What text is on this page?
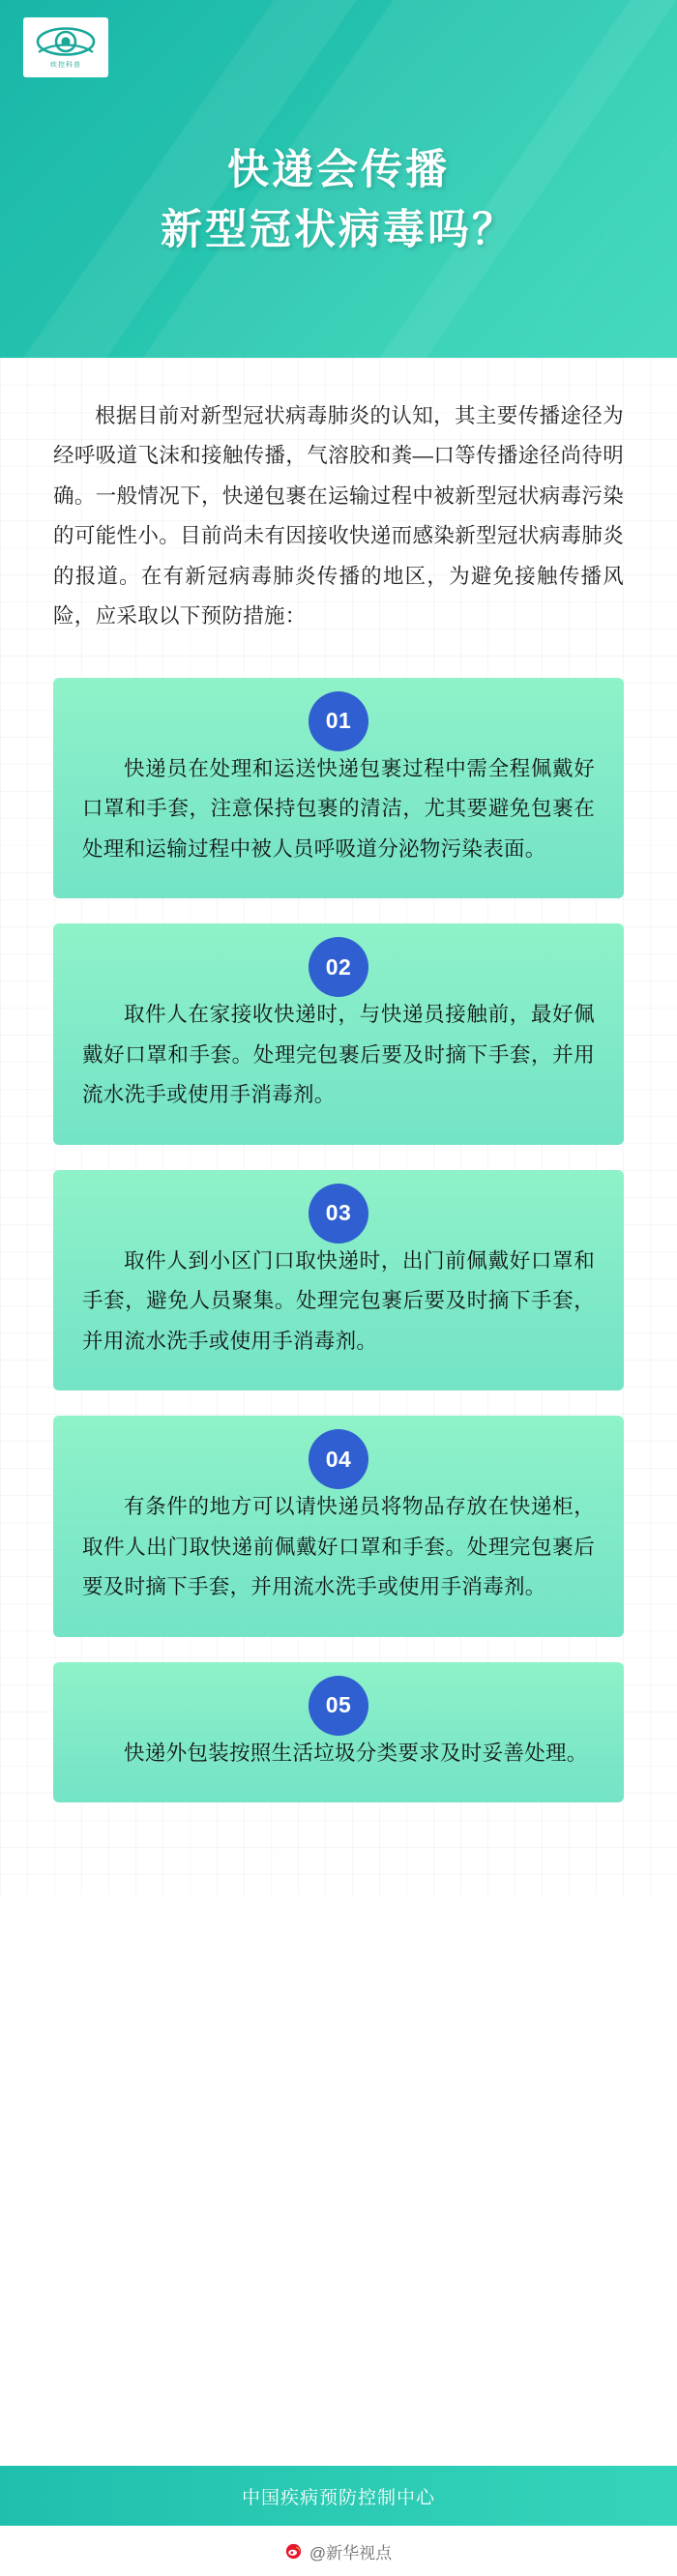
疾控科普
快递会传播
新型冠状病毒吗？

根据目前对新型冠状病毒肺炎的认知，其主要传播途径为经呼吸道飞沫和接触传播，气溶胶和粪—口等传播途径尚待明确。一般情况下，快递包裹在运输过程中被新型冠状病毒污染的可能性小。目前尚未有因接收快递而感染新型冠状病毒肺炎的报道。在有新冠病毒肺炎传播的地区，为避免接触传播风险，应采取以下预防措施：

01

快递员在处理和运送快递包裹过程中需全程佩戴好口罩和手套，注意保持包裹的清洁，尤其要避免包裹在处理和运输过程中被人员呼吸道分泌物污染表面。

02

取件人在家接收快递时，与快递员接触前，最好佩戴好口罩和手套。处理完包裹后要及时摘下手套，并用流水洗手或使用手消毒剂。

03

取件人到小区门口取快递时，出门前佩戴好口罩和手套，避免人员聚集。处理完包裹后要及时摘下手套，并用流水洗手或使用手消毒剂。

04

有条件的地方可以请快递员将物品存放在快递柜，取件人出门取快递前佩戴好口罩和手套。处理完包裹后要及时摘下手套，并用流水洗手或使用手消毒剂。

05

快递外包装按照生活垃圾分类要求及时妥善处理。

中国疾病预防控制中心
@新华视点
